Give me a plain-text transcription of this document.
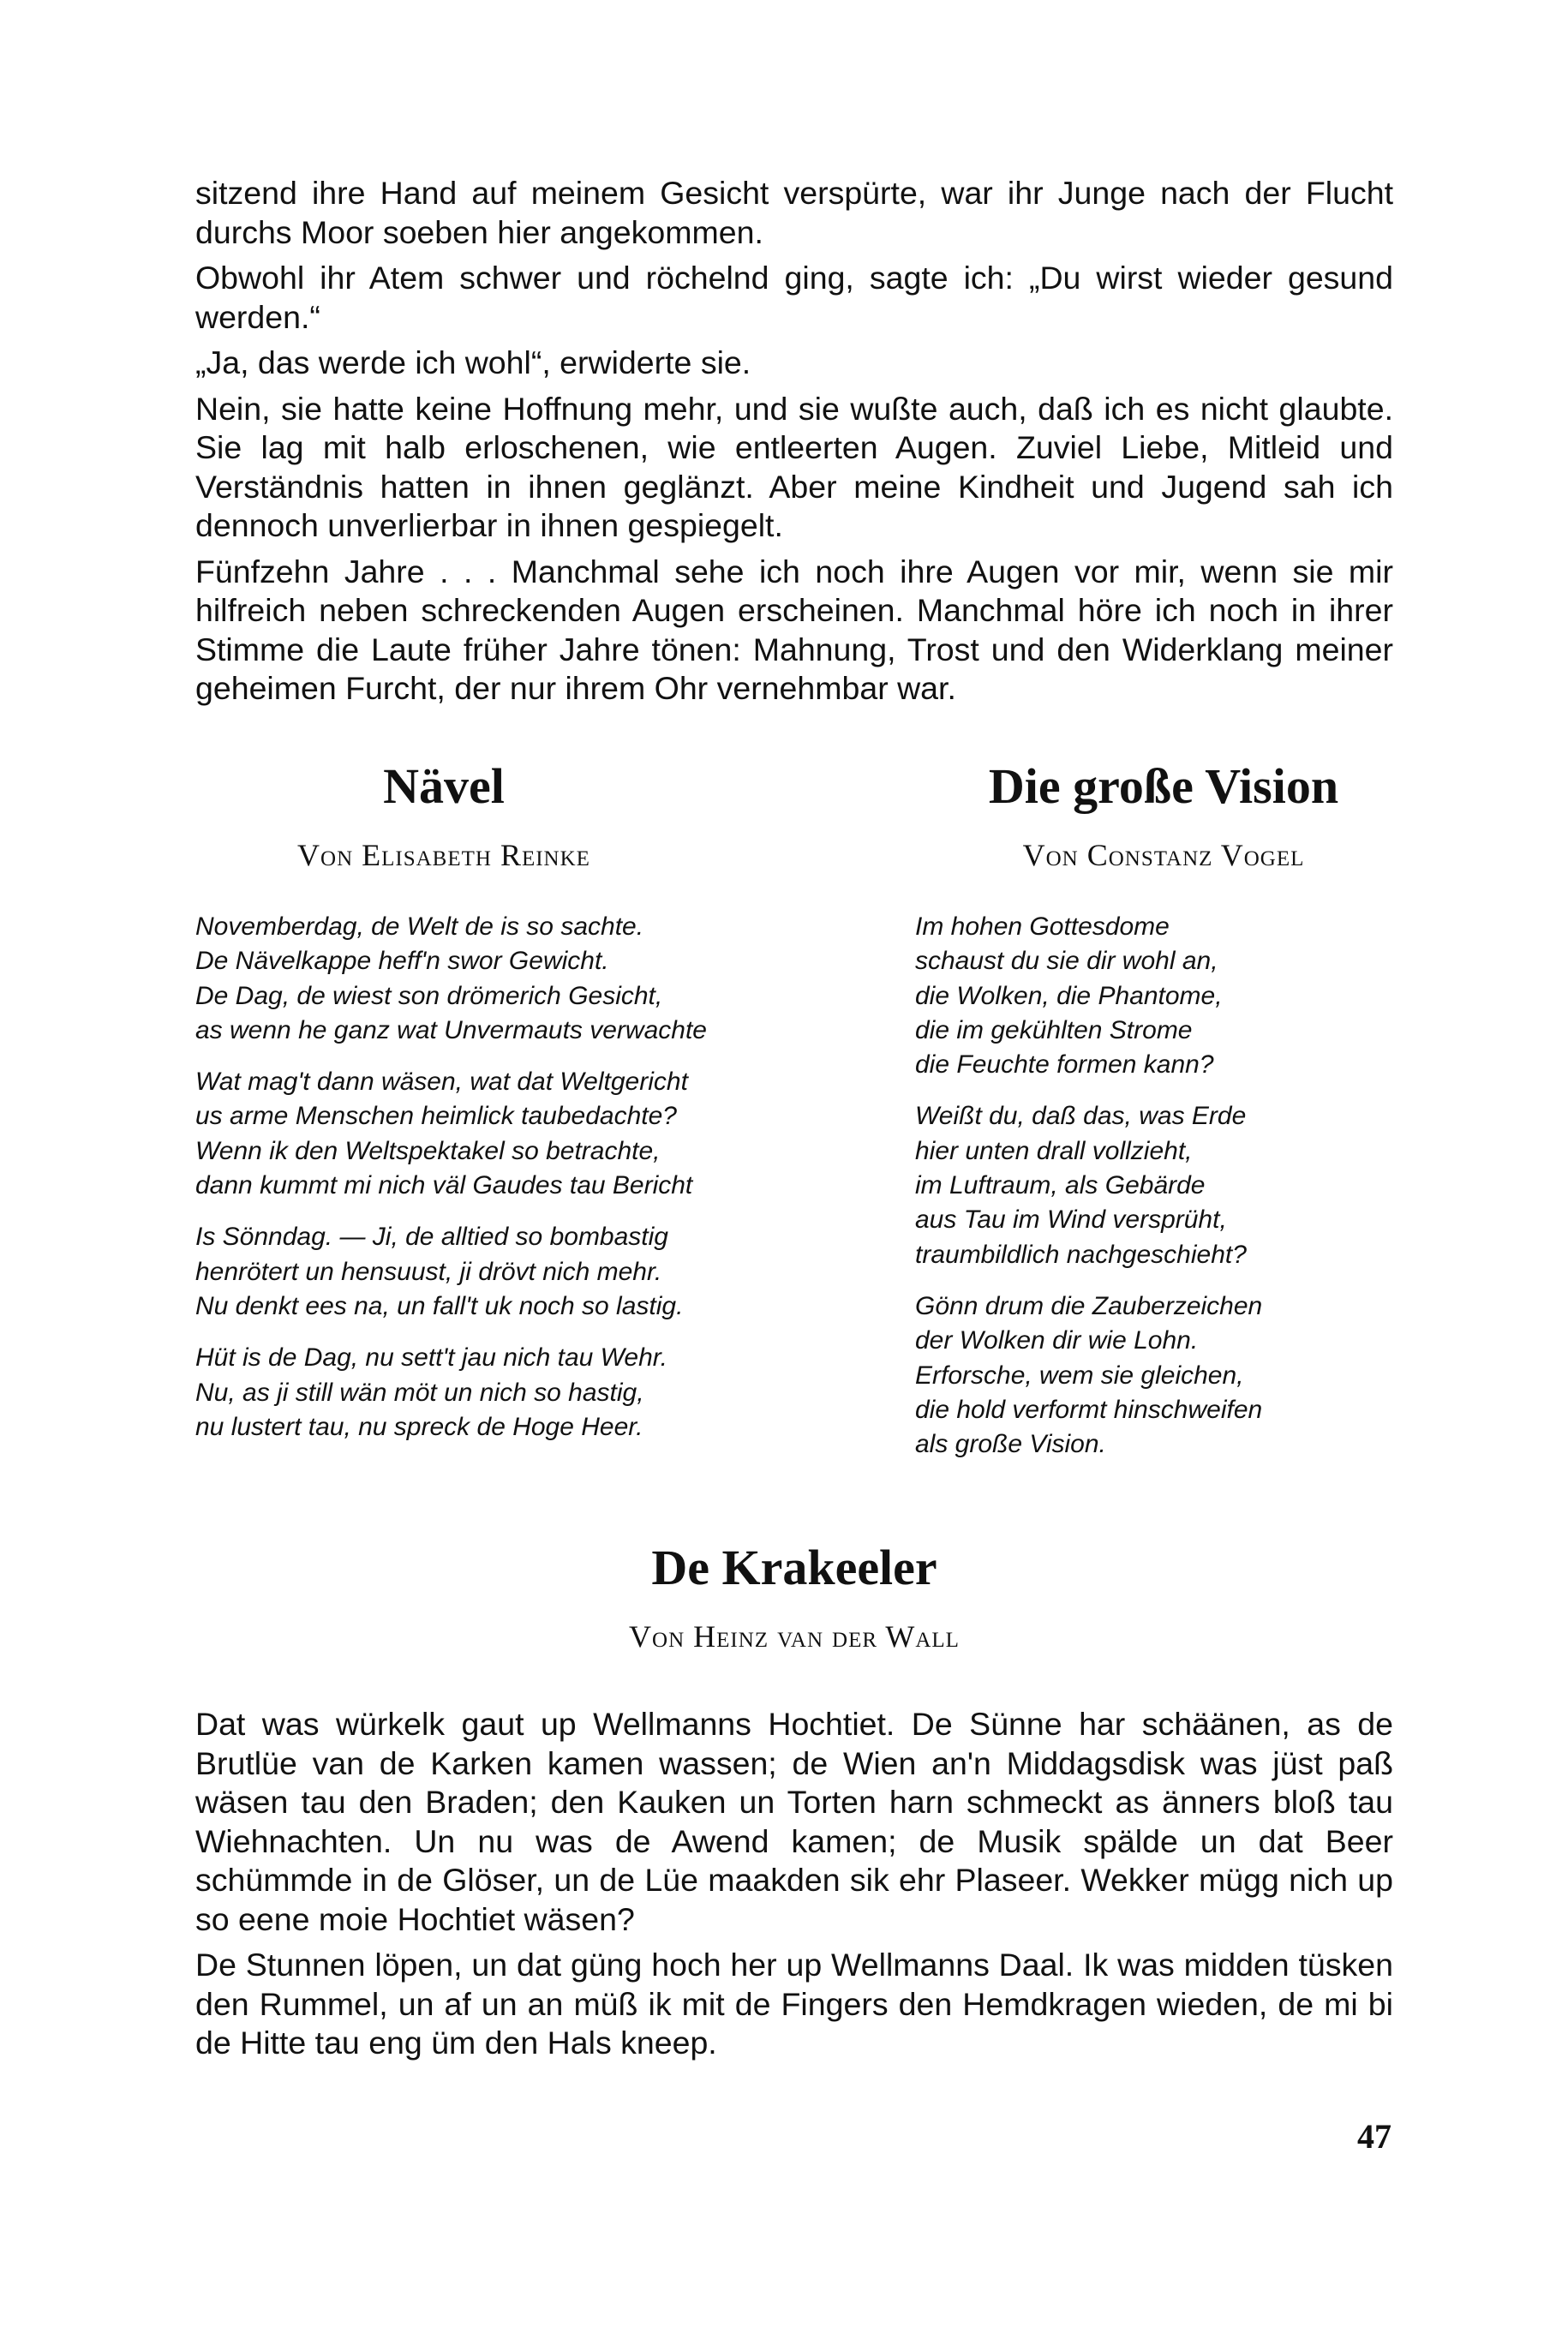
sitzend ihre Hand auf meinem Gesicht verspürte, war ihr Junge nach der Flucht durchs Moor soeben hier angekommen.

Obwohl ihr Atem schwer und röchelnd ging, sagte ich: „Du wirst wieder gesund werden.“

„Ja, das werde ich wohl“, erwiderte sie.

Nein, sie hatte keine Hoffnung mehr, und sie wußte auch, daß ich es nicht glaubte. Sie lag mit halb erloschenen, wie entleerten Augen. Zuviel Liebe, Mitleid und Verständnis hatten in ihnen geglänzt. Aber meine Kindheit und Jugend sah ich dennoch unverlierbar in ihnen gespiegelt.

Fünfzehn Jahre . . . Manchmal sehe ich noch ihre Augen vor mir, wenn sie mir hilfreich neben schreckenden Augen erscheinen. Manchmal höre ich noch in ihrer Stimme die Laute früher Jahre tönen: Mahnung, Trost und den Widerklang meiner geheimen Furcht, der nur ihrem Ohr vernehmbar war.

Nävel
Von Elisabeth Reinke
Novemberdag, de Welt de is so sachte.
De Nävelkappe heff'n swor Gewicht.
De Dag, de wiest son drömerich Gesicht,
as wenn he ganz wat Unvermauts verwachte
Wat mag't dann wäsen, wat dat Weltgericht
us arme Menschen heimlick taubedachte?
Wenn ik den Weltspektakel so betrachte,
dann kummt mi nich väl Gaudes tau Bericht
Is Sönndag. — Ji, de alltied so bombastig
henrötert un hensuust, ji drövt nich mehr.
Nu denkt ees na, un fall't uk noch so lastig.
Hüt is de Dag, nu sett't jau nich tau Wehr.
Nu, as ji still wän möt un nich so hastig,
nu lustert tau, nu spreck de Hoge Heer.
Die große Vision
Von Constanz Vogel
Im hohen Gottesdome
schaust du sie dir wohl an,
die Wolken, die Phantome,
die im gekühlten Strome
die Feuchte formen kann?
Weißt du, daß das, was Erde
hier unten drall vollzieht,
im Luftraum, als Gebärde
aus Tau im Wind versprüht,
traumbildlich nachgeschieht?
Gönn drum die Zauberzeichen
der Wolken dir wie Lohn.
Erforsche, wem sie gleichen,
die hold verformt hinschweifen
als große Vision.
De Krakeeler
Von Heinz van der Wall

Dat was würkelk gaut up Wellmanns Hochtiet. De Sünne har schäänen, as de Brutlüe van de Karken kamen wassen; de Wien an'n Middagsdisk was jüst paß wäsen tau den Braden; den Kauken un Torten harn schmeckt as änners bloß tau Wiehnachten. Un nu was de Awend kamen; de Musik spälde un dat Beer schümmde in de Glöser, un de Lüe maakden sik ehr Plaseer. Wekker mügg nich up so eene moie Hochtiet wäsen?

De Stunnen löpen, un dat güng hoch her up Wellmanns Daal. Ik was midden tüsken den Rummel, un af un an müß ik mit de Fingers den Hemdkragen wieden, de mi bi de Hitte tau eng üm den Hals kneep.

47
